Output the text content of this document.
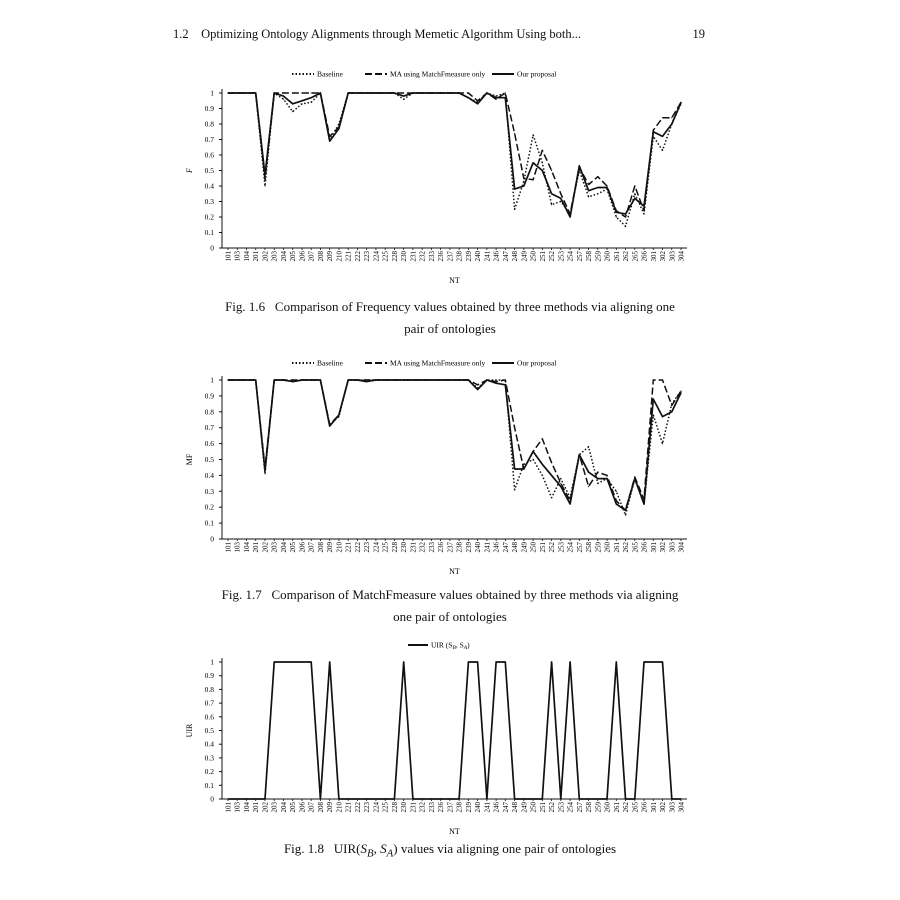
1.2 Optimizing Ontology Alignments through Memetic Algorithm Using both...	19
0
0.1
0.2
0.3
0.4
0.5
0.6
0.7
0.8
0.9
1
101 103 104 201 202 203 204 205 206 207 208 209 210 221 222 223 224 225 228 230 231 232 233 236 237 238 239 240 241 246 247 248 249 250 251 252 253 254 257 258 259 260 261 262 265 266 301 302 303 304
NT
F
Baseline	MA using MatchFmeasure only	Our proposal
Fig. 1.6 Comparison of Frequency values obtained by three methods via aligning one
pair of ontologies
0
0.1
0.2
0.3
0.4
0.5
0.6
0.7
0.8
0.9
1
101 103 104 201 202 203 204 205 206 207 208 209 210 221 222 223 224 225 228 230 231 232 233 236 237 238 239 240 241 246 247 248 249 250 251 252 253 254 257 258 259 260 261 262 265 266 301 302 303 304
NT
MF
Baseline	MA using MatchFmeasure only	Our proposal
Fig. 1.7 Comparison of MatchFmeasure values obtained by three methods via aligning
one pair of ontologies
0
0.1
0.2
0.3
0.4
0.5
0.6
0.7
0.8
0.9
1
101 103 104 201 202 203 204 205 206 207 208 209 210 221 222 223 224 225 228 230 231 232 233 236 237 238 239 240 241 246 247 248 249 250 251 252 253 254 257 258 259 260 261 262 265 266 301 302 303 304
NT
UIR
UIR ($S_B$, $S_A$)
Fig. 1.8 $UIR(S_B$, $S_A$) values via aligning one pair of ontologies
